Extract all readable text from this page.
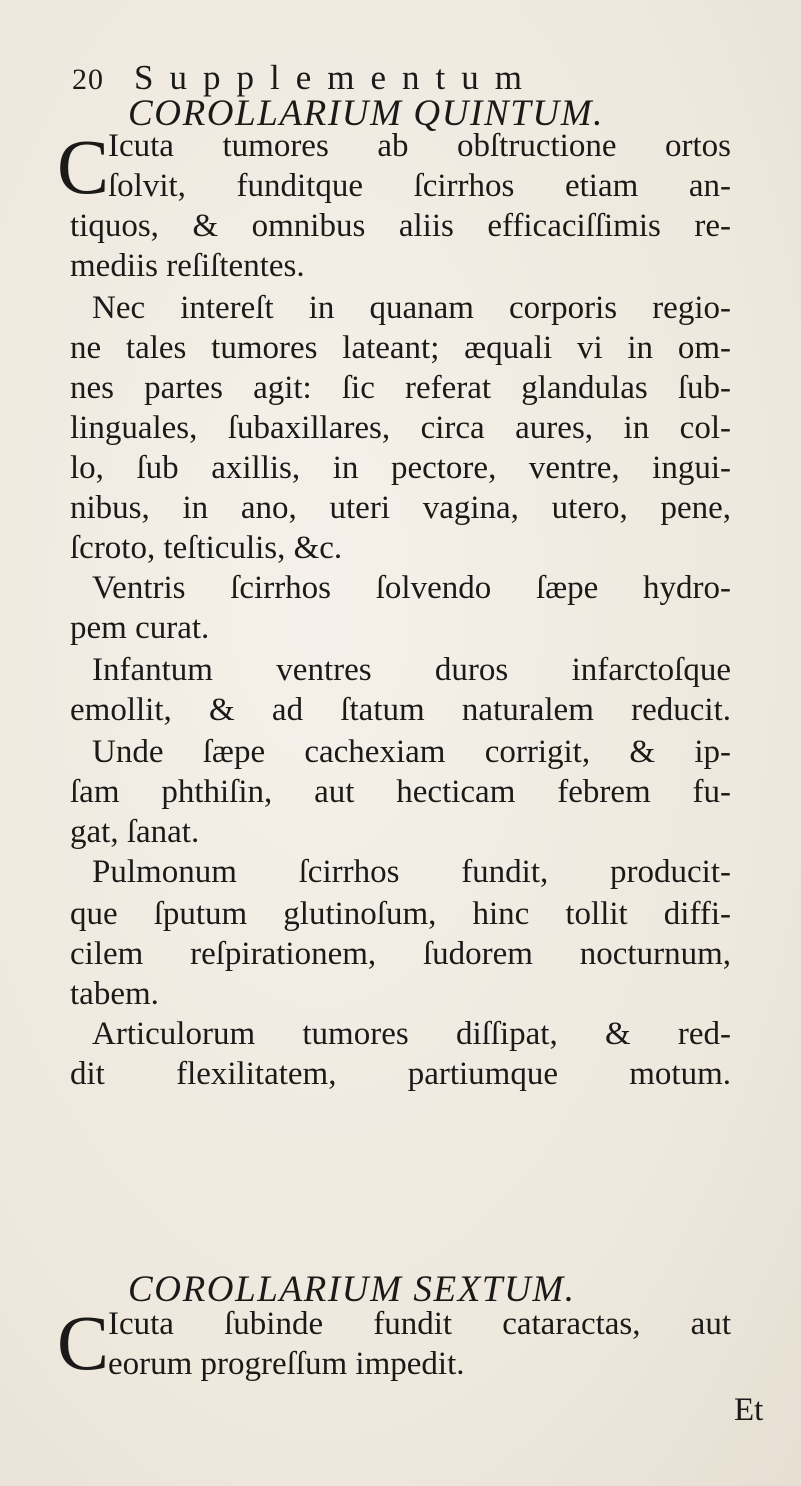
20 Supplementum
COROLLARIUM QUINTUM.
C
Icuta tumores ab obſtructione ortos
ſolvit, funditque ſcirrhos etiam an-
tiquos, & omnibus aliis efficaciſſimis re-
mediis reſiſtentes.
Nec intereſt in quanam corporis regio-
ne tales tumores lateant; æquali vi in om-
nes partes agit: ſic referat glandulas ſub-
linguales, ſubaxillares, circa aures, in col-
lo, ſub axillis, in pectore, ventre, ingui-
nibus, in ano, uteri vagina, utero, pene,
ſcroto, teſticulis, &c.
Ventris ſcirrhos ſolvendo ſæpe hydro-
pem curat.
Infantum ventres duros infarctoſque
emollit, & ad ſtatum naturalem reducit.
Unde ſæpe cachexiam corrigit, & ip-
ſam phthiſin, aut hecticam febrem fu-
gat, ſanat.
Pulmonum ſcirrhos fundit, producit-
que ſputum glutinoſum, hinc tollit diffi-
cilem reſpirationem, ſudorem nocturnum,
tabem.
Articulorum tumores diſſipat, & red-
dit flexilitatem, partiumque motum.
COROLLARIUM SEXTUM.
C
Icuta ſubinde fundit cataractas, aut
eorum progreſſum impedit.
Et
